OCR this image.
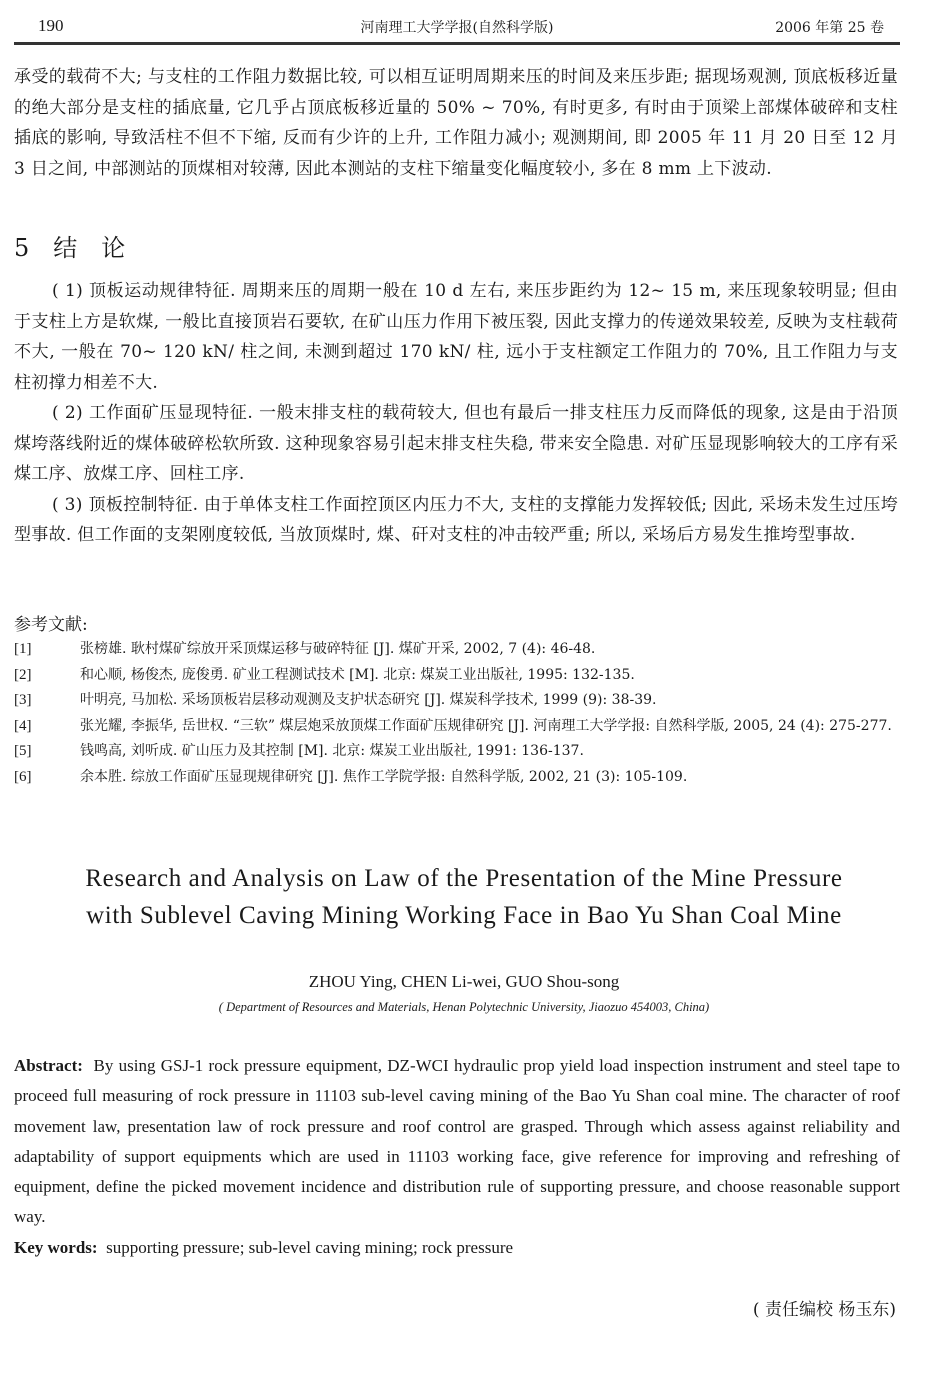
190	河南理工大学学报(自然科学版)	2006 年第 25 卷

承受的载荷不大; 与支柱的工作阻力数据比较, 可以相互证明周期来压的时间及来压步距; 据现场观测, 顶底板移近量的绝大部分是支柱的插底量, 它几乎占顶底板移近量的 50% ~ 70%, 有时更多, 有时由于顶梁上部煤体破碎和支柱插底的影响, 导致活柱不但不下缩, 反而有少许的上升, 工作阻力减小; 观测期间, 即 2005 年 11 月 20 日至 12 月 3 日之间, 中部测站的顶煤相对较薄, 因此本测站的支柱下缩量变化幅度较小, 多在 8 mm 上下波动.

5 结 论

( 1) 顶板运动规律特征. 周期来压的周期一般在 10 d 左右, 来压步距约为 12~ 15 m, 来压现象较明显; 但由于支柱上方是软煤, 一般比直接顶岩石要软, 在矿山压力作用下被压裂, 因此支撑力的传递效果较差, 反映为支柱载荷不大, 一般在 70~ 120 kN/ 柱之间, 未测到超过 170 kN/ 柱, 远小于支柱额定工作阻力的 70%, 且工作阻力与支柱初撑力相差不大.

( 2) 工作面矿压显现特征. 一般末排支柱的载荷较大, 但也有最后一排支柱压力反而降低的现象, 这是由于沿顶煤垮落线附近的煤体破碎松软所致. 这种现象容易引起末排支柱失稳, 带来安全隐患. 对矿压显现影响较大的工序有采煤工序、放煤工序、回柱工序.

( 3) 顶板控制特征. 由于单体支柱工作面控顶区内压力不大, 支柱的支撑能力发挥较低; 因此, 采场未发生过压垮型事故. 但工作面的支架刚度较低, 当放顶煤时, 煤、矸对支柱的冲击较严重; 所以, 采场后方易发生推垮型事故.

参考文献:
[1]	张榜雄. 耿村煤矿综放开采顶煤运移与破碎特征 [J]. 煤矿开采, 2002, 7 (4): 46-48.
[2]	和心顺, 杨俊杰, 庞俊勇. 矿业工程测试技术 [M]. 北京: 煤炭工业出版社, 1995: 132-135.
[3]	叶明亮, 马加松. 采场顶板岩层移动观测及支护状态研究 [J]. 煤炭科学技术, 1999 (9): 38-39.
[4]	张光耀, 李振华, 岳世权. “三软” 煤层炮采放顶煤工作面矿压规律研究 [J]. 河南理工大学学报: 自然科学版, 2005, 24 (4): 275-277.
[5]	钱鸣高, 刘听成. 矿山压力及其控制 [M]. 北京: 煤炭工业出版社, 1991: 136-137.
[6]	余本胜. 综放工作面矿压显现规律研究 [J]. 焦作工学院学报: 自然科学版, 2002, 21 (3): 105-109.
Research and Analysis on Law of the Presentation of the Mine Pressure
with Sublevel Caving Mining Working Face in Bao Yu Shan Coal Mine
ZHOU Ying, CHEN Li-wei, GUO Shou-song
( Department of Resources and Materials, Henan Polytechnic University, Jiaozuo 454003, China)
Abstract: By using GSJ-1 rock pressure equipment, DZ-WCI hydraulic prop yield load inspection instrument and steel tape to proceed full measuring of rock pressure in 11103 sub-level caving mining of the Bao Yu Shan coal mine. The character of roof movement law, presentation law of rock pressure and roof control are grasped. Through which assess against reliability and adaptability of support equipments which are used in 11103 working face, give reference for improving and refreshing of equipment, define the picked movement incidence and distribution rule of supporting pressure, and choose reasonable support way.
Key words: supporting pressure; sub-level caving mining; rock pressure
( 责任编校 杨玉东)
